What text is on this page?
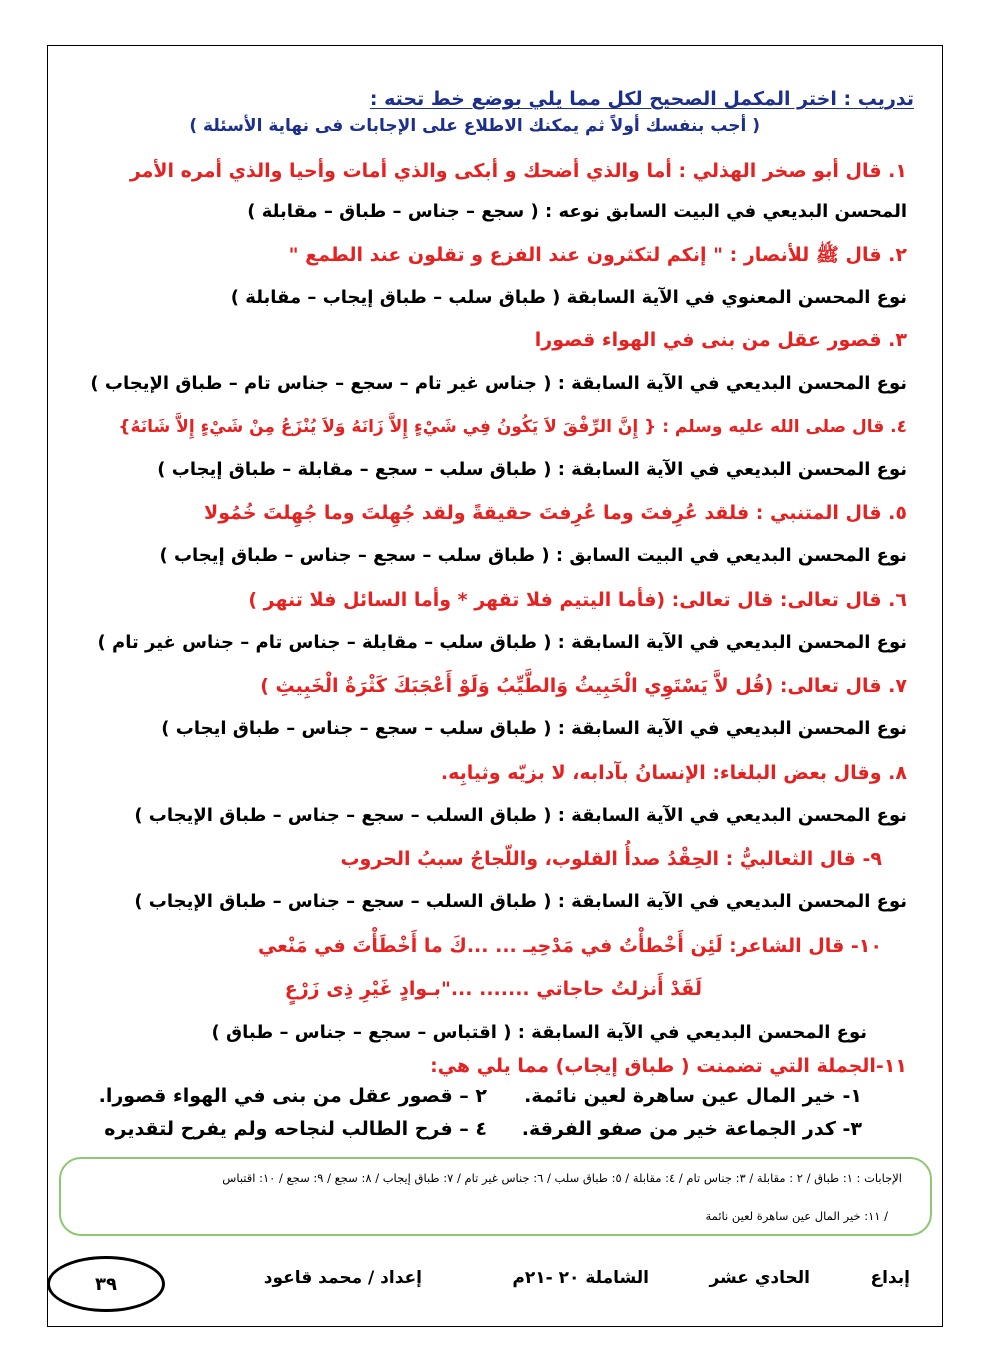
تدريب : اختر المكمل الصحيح لكل مما يلي بوضع خط تحته :
( أجب بنفسك أولاً ثم يمكنك الاطلاع على الإجابات فى نهاية الأسئلة )
١. قال أبو صخر الهذلي : أما والذي أضحك و أبكى والذي أمات وأحيا والذي أمره الأمر
المحسن البديعي في البيت السابق نوعه : ( سجع – جناس – طباق – مقابلة )
٢. قال ﷺ للأنصار : " إنكم لتكثرون عند الفزع و تقلون عند الطمع "
نوع المحسن المعنوي في الآية السابقة ( طباق سلب – طباق إيجاب – مقابلة )
٣. قصور عقل من بنى في الهواء قصورا
نوع المحسن البديعي في الآية السابقة : ( جناس غير تام – سجع – جناس تام – طباق الإيجاب )
٤. قال صلى الله عليه وسلم : { إِنَّ الرِّفْقَ لاَ يَكُونُ فِي شَيْءٍ إِلاَّ زَانَهُ وَلاَ يُنْزَعُ مِنْ شَيْءٍ إِلاَّ شَانَهُ}
نوع المحسن البديعي في الآية السابقة : ( طباق سلب – سجع – مقابلة – طباق إيجاب )
٥. قال المتنبي : فلقد عُرِفتَ وما عُرِفتَ حقيقةً ولقد جُهِلتَ وما جُهِلتَ خُمُولا
نوع المحسن البديعي في البيت السابق : ( طباق سلب – سجع – جناس – طباق إيجاب )
٦. قال تعالى: قال تعالى: (فأما اليتيم فلا تقهر * وأما السائل فلا تنهر )
نوع المحسن البديعي في الآية السابقة : ( طباق سلب – مقابلة – جناس تام – جناس غير تام )
٧. قال تعالى: (قُل لاَّ يَسْتَوِي الْخَبِيثُ وَالطَّيِّبُ وَلَوْ أَعْجَبَكَ كَثْرَةُ الْخَبِيثِ )
نوع المحسن البديعي في الآية السابقة : ( طباق سلب – سجع – جناس – طباق ايجاب )
٨. وقال بعض البلغاء: الإنسانُ بآدابه، لا بزيّه وثيابِه.
نوع المحسن البديعي في الآية السابقة : ( طباق السلب – سجع – جناس – طباق الإيجاب )
٩- قال الثعالبيُّ : الحِقْدُ صدأُ القلوب، واللّجاجُ سببُ الحروب
نوع المحسن البديعي في الآية السابقة : ( طباق السلب – سجع – جناس – طباق الإيجاب )
١٠- قال الشاعر: لَئِن أَخْطأْتُ في مَدْحِيـ ... ...كَ ما أَخْطَأْتَ في مَنْعي
لَقَدْ أَنزلتُ حاجاتي ....... ..."بـوادٍ غَيْرِ ذِى زَرْعٍ
نوع المحسن البديعي في الآية السابقة : ( اقتباس – سجع – جناس – طباق )
١١-الجملة التي تضمنت ( طباق إيجاب) مما يلي هي:
١- خير المال عين ساهرة لعين نائمة.
٢ – قصور عقل من بنى في الهواء قصورا.
٣- كدر الجماعة خير من صفو الفرقة.
٤ – فرح الطالب لنجاحه ولم يفرح لتقديره
الإجابات : ١: طباق / ٢ : مقابلة / ٣: جناس تام / ٤: مقابلة / ٥: طباق سلب / ٦: جناس غير تام / ٧: طباق إيجاب / ٨: سجع / ٩: سجع / ١٠: اقتباس
/ ١١: خير المال عين ساهرة لعين نائمة
إبداع
الحادي عشر
الشاملة ٢٠ -٢١م
إعداد / محمد قاعود
٣٩
